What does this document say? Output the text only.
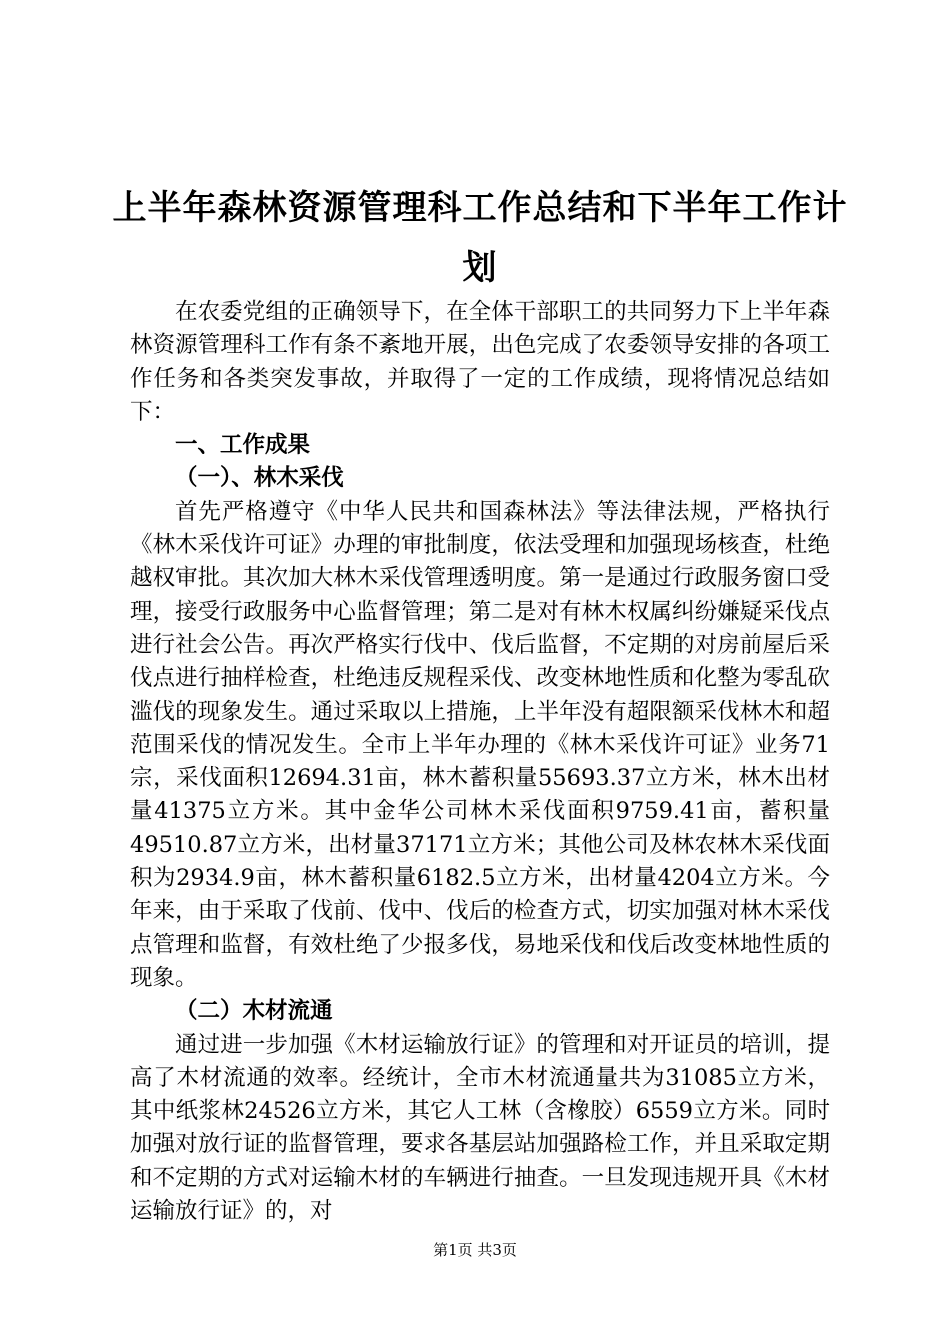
上半年森林资源管理科工作总结和下半年工作计划

在农委党组的正确领导下，在全体干部职工的共同努力下上半年森林资源管理科工作有条不紊地开展，出色完成了农委领导安排的各项工作任务和各类突发事故，并取得了一定的工作成绩，现将情况总结如下：

一、工作成果

（一）、林木采伐

首先严格遵守《中华人民共和国森林法》等法律法规，严格执行《林木采伐许可证》办理的审批制度，依法受理和加强现场核查，杜绝越权审批。其次加大林木采伐管理透明度。第一是通过行政服务窗口受理，接受行政服务中心监督管理；第二是对有林木权属纠纷嫌疑采伐点进行社会公告。再次严格实行伐中、伐后监督，不定期的对房前屋后采伐点进行抽样检查，杜绝违反规程采伐、改变林地性质和化整为零乱砍滥伐的现象发生。通过采取以上措施，上半年没有超限额采伐林木和超范围采伐的情况发生。全市上半年办理的《林木采伐许可证》业务71宗，采伐面积12694.31亩，林木蓄积量55693.37立方米，林木出材量41375立方米。其中金华公司林木采伐面积9759.41亩，蓄积量49510.87立方米，出材量37171立方米；其他公司及林农林木采伐面积为2934.9亩，林木蓄积量6182.5立方米，出材量4204立方米。今年来，由于采取了伐前、伐中、伐后的检查方式，切实加强对林木采伐点管理和监督，有效杜绝了少报多伐，易地采伐和伐后改变林地性质的现象。

（二）木材流通

通过进一步加强《木材运输放行证》的管理和对开证员的培训，提高了木材流通的效率。经统计，全市木材流通量共为31085立方米，其中纸浆林24526立方米，其它人工林（含橡胶）6559立方米。同时加强对放行证的监督管理，要求各基层站加强路检工作，并且采取定期和不定期的方式对运输木材的车辆进行抽查。一旦发现违规开具《木材运输放行证》的，对

第1页 共3页
